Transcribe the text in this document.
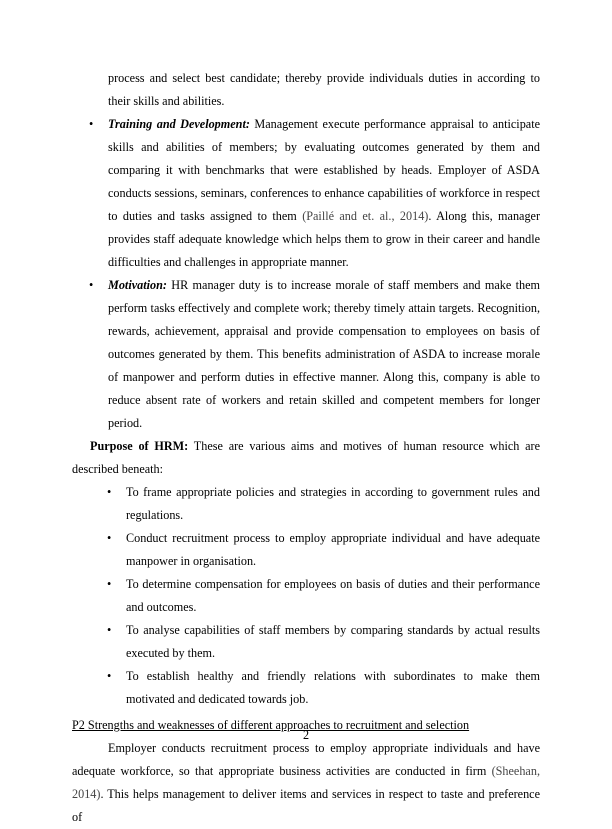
process and select best candidate; thereby provide individuals duties in according to their skills and abilities.

• Training and Development: Management execute performance appraisal to anticipate skills and abilities of members; by evaluating outcomes generated by them and comparing it with benchmarks that were established by heads. Employer of ASDA conducts sessions, seminars, conferences to enhance capabilities of workforce in respect to duties and tasks assigned to them (Paillé and et. al., 2014). Along this, manager provides staff adequate knowledge which helps them to grow in their career and handle difficulties and challenges in appropriate manner.
• Motivation: HR manager duty is to increase morale of staff members and make them perform tasks effectively and complete work; thereby timely attain targets. Recognition, rewards, achievement, appraisal and provide compensation to employees on basis of outcomes generated by them. This benefits administration of ASDA to increase morale of manpower and perform duties in effective manner. Along this, company is able to reduce absent rate of workers and retain skilled and competent members for longer period.

Purpose of HRM: These are various aims and motives of human resource which are described beneath:

• To frame appropriate policies and strategies in according to government rules and regulations.
• Conduct recruitment process to employ appropriate individual and have adequate manpower in organisation.
• To determine compensation for employees on basis of duties and their performance and outcomes.
• To analyse capabilities of staff members by comparing standards by actual results executed by them.
• To establish healthy and friendly relations with subordinates to make them motivated and dedicated towards job.

P2 Strengths and weaknesses of different approaches to recruitment and selection

Employer conducts recruitment process to employ appropriate individuals and have adequate workforce, so that appropriate business activities are conducted in firm (Sheehan, 2014). This helps management to deliver items and services in respect to taste and preference of

2
